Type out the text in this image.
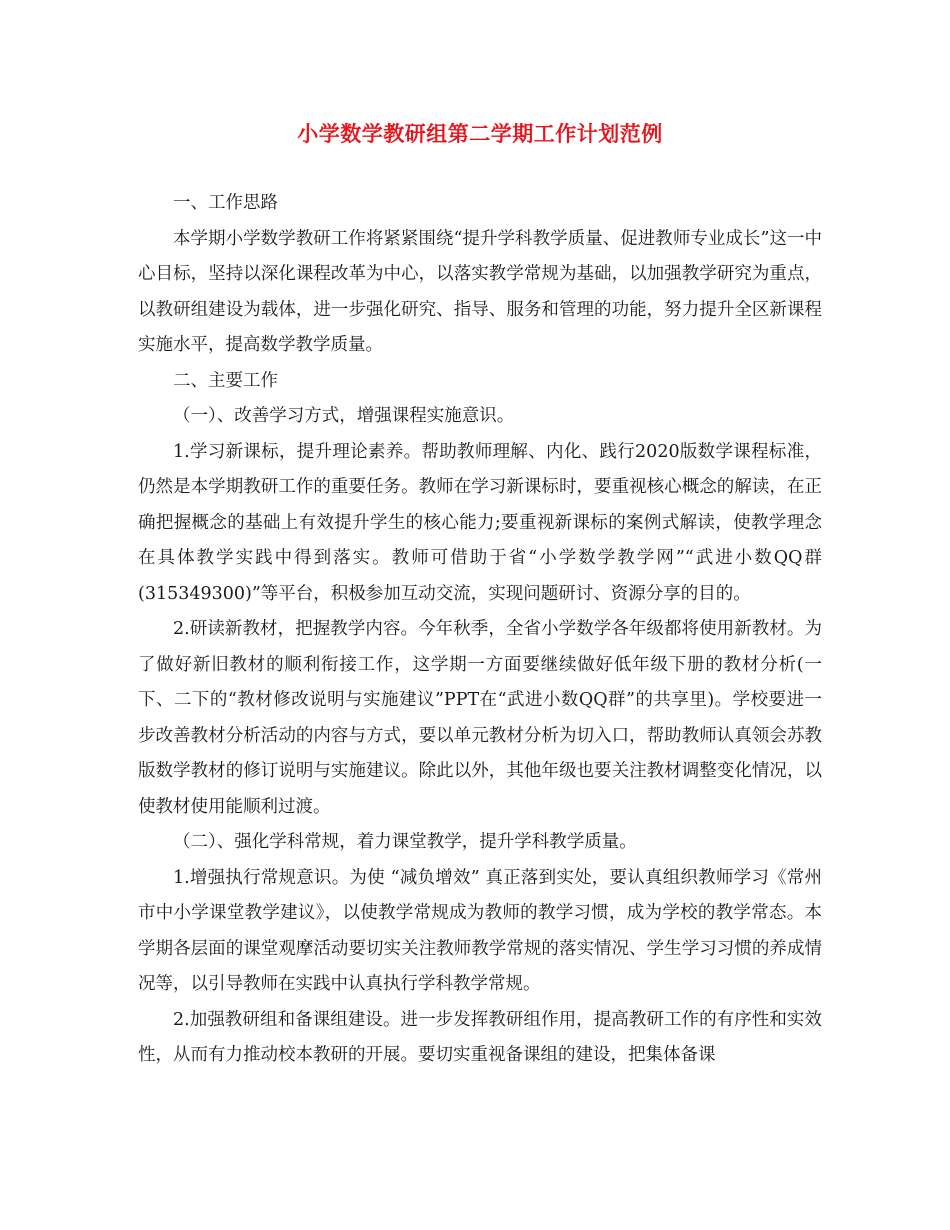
小学数学教研组第二学期工作计划范例

一、工作思路

本学期小学数学教研工作将紧紧围绕“提升学科教学质量、促进教师专业成长”这一中心目标，坚持以深化课程改革为中心，以落实教学常规为基础，以加强教学研究为重点，以教研组建设为载体，进一步强化研究、指导、服务和管理的功能，努力提升全区新课程实施水平，提高数学教学质量。

二、主要工作

（一）、改善学习方式，增强课程实施意识。

1.学习新课标，提升理论素养。帮助教师理解、内化、践行2020版数学课程标准，仍然是本学期教研工作的重要任务。教师在学习新课标时，要重视核心概念的解读，在正确把握概念的基础上有效提升学生的核心能力;要重视新课标的案例式解读，使教学理念在具体教学实践中得到落实。教师可借助于省“小学数学教学网”“武进小数QQ群(315349300)”等平台，积极参加互动交流，实现问题研讨、资源分享的目的。

2.研读新教材，把握教学内容。今年秋季，全省小学数学各年级都将使用新教材。为了做好新旧教材的顺利衔接工作，这学期一方面要继续做好低年级下册的教材分析(一下、二下的“教材修改说明与实施建议”PPT在“武进小数QQ群”的共享里)。学校要进一步改善教材分析活动的内容与方式，要以单元教材分析为切入口，帮助教师认真领会苏教版数学教材的修订说明与实施建议。除此以外，其他年级也要关注教材调整变化情况，以使教材使用能顺利过渡。

（二）、强化学科常规，着力课堂教学，提升学科教学质量。

1.增强执行常规意识。为使 “减负增效” 真正落到实处，要认真组织教师学习《常州市中小学课堂教学建议》，以使教学常规成为教师的教学习惯，成为学校的教学常态。本学期各层面的课堂观摩活动要切实关注教师教学常规的落实情况、学生学习习惯的养成情况等，以引导教师在实践中认真执行学科教学常规。

2.加强教研组和备课组建设。进一步发挥教研组作用，提高教研工作的有序性和实效性，从而有力推动校本教研的开展。要切实重视备课组的建设，把集体备课
